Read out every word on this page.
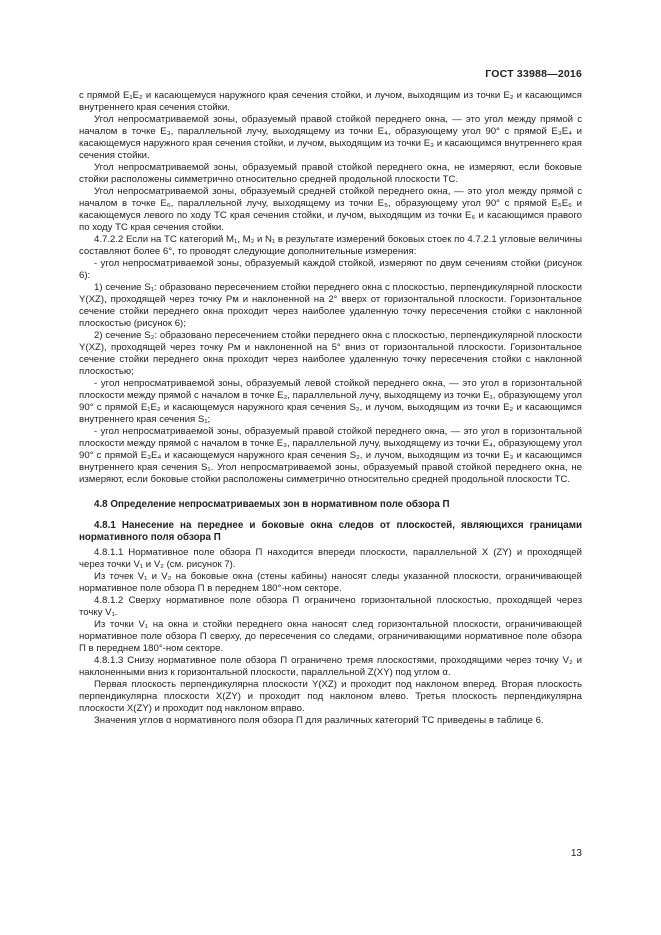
ГОСТ 33988—2016

с прямой E₁E₂ и касающемуся наружного края сечения стойки, и лучом, выходящим из точки E₂ и касающимся внутреннего края сечения стойки.

Угол непросматриваемой зоны, образуемый правой стойкой переднего окна, — это угол между прямой с началом в точке E₃, параллельной лучу, выходящему из точки E₄, образующему угол 90° с прямой E₃E₄ и касающемуся наружного края сечения стойки, и лучом, выходящим из точки E₃ и касающимся внутреннего края сечения стойки.

Угол непросматриваемой зоны, образуемый правой стойкой переднего окна, не измеряют, если боковые стойки расположены симметрично относительно средней продольной плоскости ТС.

Угол непросматриваемой зоны, образуемый средней стойкой переднего окна, — это угол между прямой с началом в точке E₆, параллельной лучу, выходящему из точки E₅, образующему угол 90° с прямой E₅E₆ и касающемуся левого по ходу ТС края сечения стойки, и лучом, выходящим из точки E₆ и касающимся правого по ходу ТС края сечения стойки.

4.7.2.2 Если на ТС категорий M₁, M₂ и N₁ в результате измерений боковых стоек по 4.7.2.1 угловые величины составляют более 6°, то проводят следующие дополнительные измерения:

- угол непросматриваемой зоны, образуемый каждой стойкой, измеряют по двум сечениям стойки (рисунок 6):

1) сечение S₁: образовано пересечением стойки переднего окна с плоскостью, перпендикулярной плоскости Y(XZ), проходящей через точку Pм и наклоненной на 2° вверх от горизонтальной плоскости. Горизонтальное сечение стойки переднего окна проходит через наиболее удаленную точку пересечения стойки с наклонной плоскостью (рисунок 6);

2) сечение S₂: образовано пересечением стойки переднего окна с плоскостью, перпендикулярной плоскости Y(XZ), проходящей через точку Pм и наклоненной на 5° вниз от горизонтальной плоскости. Горизонтальное сечение стойки переднего окна проходит через наиболее удаленную точку пересечения стойки с наклонной плоскостью;

- угол непросматриваемой зоны, образуемый левой стойкой переднего окна, — это угол в горизонтальной плоскости между прямой с началом в точке E₂, параллельной лучу, выходящему из точки E₁, образующему угол 90° с прямой E₁E₂ и касающемуся наружного края сечения S₂, и лучом, выходящим из точки E₂ и касающимся внутреннего края сечения S₁;

- угол непросматриваемой зоны, образуемый правой стойкой переднего окна, — это угол в горизонтальной плоскости между прямой с началом в точке E₃, параллельной лучу, выходящему из точки E₄, образующему угол 90° с прямой E₃E₄ и касающемуся наружного края сечения S₂, и лучом, выходящим из точки E₃ и касающимся внутреннего края сечения S₁. Угол непросматриваемой зоны, образуемый правой стойкой переднего окна, не измеряют, если боковые стойки расположены симметрично относительно средней продольной плоскости ТС.

4.8 Определение непросматриваемых зон в нормативном поле обзора П
4.8.1 Нанесение на переднее и боковые окна следов от плоскостей, являющихся границами нормативного поля обзора П

4.8.1.1 Нормативное поле обзора П находится впереди плоскости, параллельной X (ZY) и проходящей через точки V₁ и V₂ (см. рисунок 7).

Из точек V₁ и V₂ на боковые окна (стены кабины) наносят следы указанной плоскости, ограничивающей нормативное поле обзора П в переднем 180°-ном секторе.

4.8.1.2 Сверху нормативное поле обзора П ограничено горизонтальной плоскостью, проходящей через точку V₁.

Из точки V₁ на окна и стойки переднего окна наносят след горизонтальной плоскости, ограничивающей нормативное поле обзора П сверху, до пересечения со следами, ограничивающими нормативное поле обзора П в переднем 180°-ном секторе.

4.8.1.3 Снизу нормативное поле обзора П ограничено тремя плоскостями, проходящими через точку V₂ и наклоненными вниз к горизонтальной плоскости, параллельной Z(XY) под углом α.

Первая плоскость перпендикулярна плоскости Y(XZ) и проходит под наклоном вперед. Вторая плоскость перпендикулярна плоскости X(ZY) и проходит под наклоном влево. Третья плоскость перпендикулярна плоскости X(ZY) и проходит под наклоном вправо.

Значения углов α нормативного поля обзора П для различных категорий ТС приведены в таблице 6.

13
